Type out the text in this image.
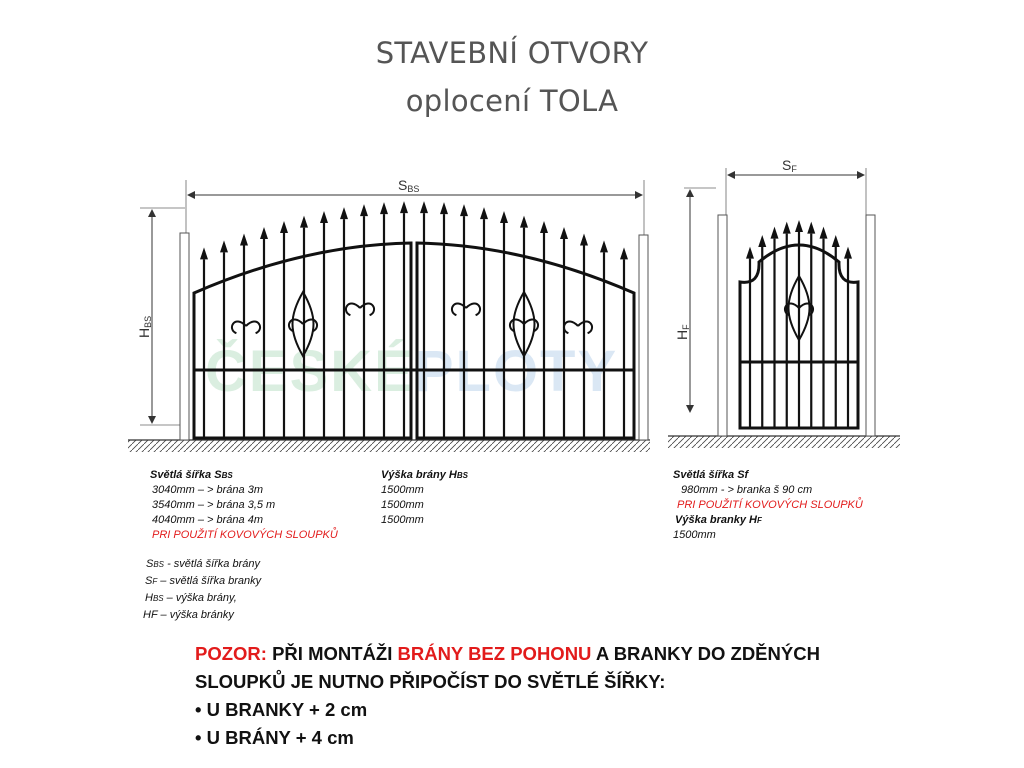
STAVEBNÍ OTVORY
oplocení TOLA
ČESKÉPLOTY
SBS
HBS
SF
HF
Světlá šířka SBS
3040mm – > brána 3m
3540mm – > brána 3,5 m
4040mm – > brána 4m
PRI POUŽITÍ KOVOVÝCH SLOUPKŮ
Výška brány HBS
1500mm
1500mm
1500mm
SBS - světlá šířka brány
SF – světlá šířka branky
HBS – výška brány,
HF – výška bránky
Světlá šířka Sf
980mm - > branka š 90 cm
PRI POUŽITÍ KOVOVÝCH SLOUPKŮ
Výška branky HF
1500mm
POZOR: PŘI MONTÁŽI BRÁNY BEZ POHONU A BRANKY DO ZDĚNÝCH
SLOUPKŮ JE NUTNO PŘIPOČÍST DO SVĚTLÉ ŠÍŘKY:
• U BRANKY + 2 cm
• U BRÁNY + 4 cm
